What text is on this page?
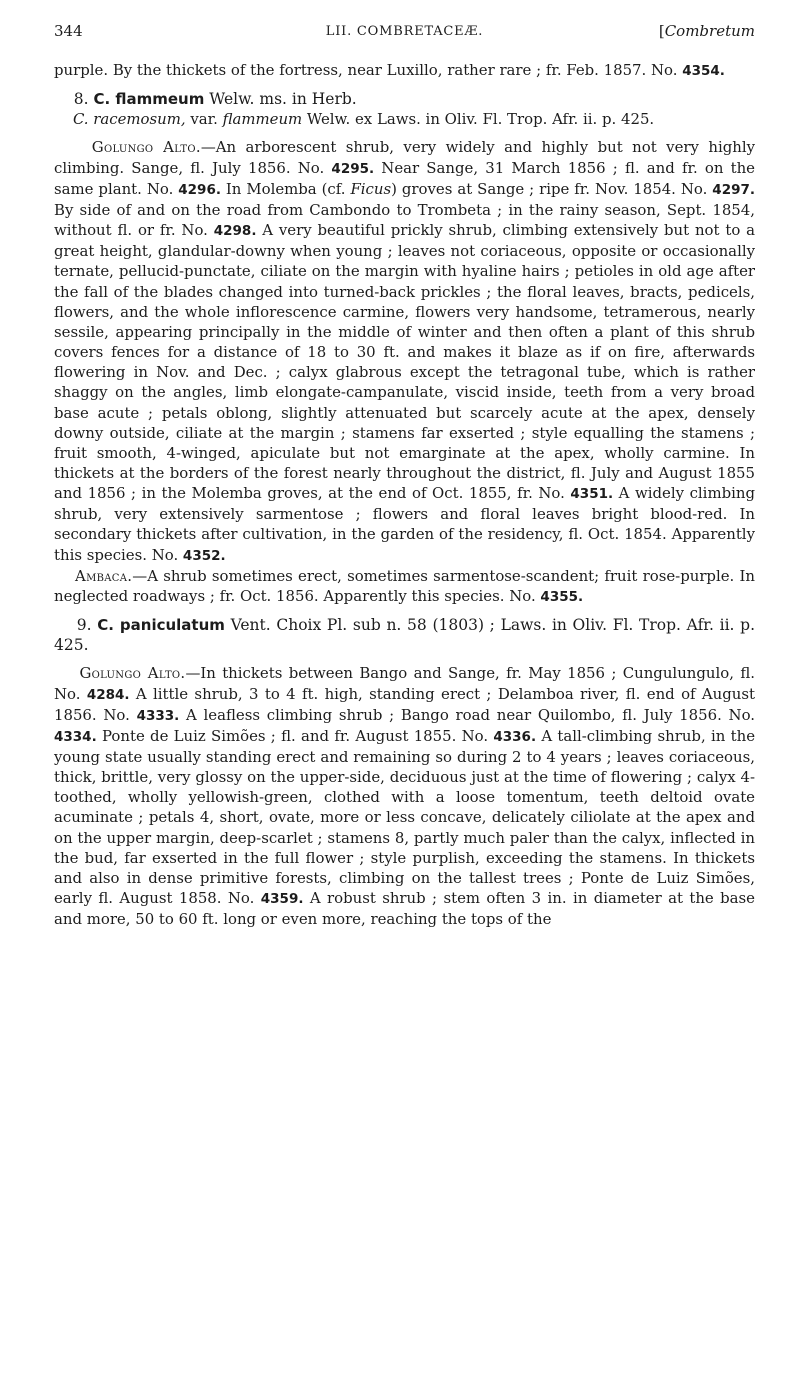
344	LII. COMBRETACEÆ.	[Combretum

purple. By the thickets of the fortress, near Luxillo, rather rare ; fr. Feb. 1857. No. 4354.

8. C. flammeum Welw. ms. in Herb.

C. racemosum, var. flammeum Welw. ex Laws. in Oliv. Fl. Trop. Afr. ii. p. 425.

Golungo Alto.—An arborescent shrub, very widely and highly but not very highly climbing. Sange, fl. July 1856. No. 4295. Near Sange, 31 March 1856 ; fl. and fr. on the same plant. No. 4296. In Molemba (cf. Ficus) groves at Sange ; ripe fr. Nov. 1854. No. 4297. By side of and on the road from Cambondo to Trombeta ; in the rainy season, Sept. 1854, without fl. or fr. No. 4298. A very beautiful prickly shrub, climbing extensively but not to a great height, glandular-downy when young ; leaves not coriaceous, opposite or occasionally ternate, pellucid-punctate, ciliate on the margin with hyaline hairs ; petioles in old age after the fall of the blades changed into turned-back prickles ; the floral leaves, bracts, pedicels, flowers, and the whole inflorescence carmine, flowers very handsome, tetramerous, nearly sessile, appearing principally in the middle of winter and then often a plant of this shrub covers fences for a distance of 18 to 30 ft. and makes it blaze as if on fire, afterwards flowering in Nov. and Dec. ; calyx glabrous except the tetragonal tube, which is rather shaggy on the angles, limb elongate-campanulate, viscid inside, teeth from a very broad base acute ; petals oblong, slightly attenuated but scarcely acute at the apex, densely downy outside, ciliate at the margin ; stamens far exserted ; style equalling the stamens ; fruit smooth, 4-winged, apiculate but not emarginate at the apex, wholly carmine. In thickets at the borders of the forest nearly throughout the district, fl. July and August 1855 and 1856 ; in the Molemba groves, at the end of Oct. 1855, fr. No. 4351. A widely climbing shrub, very extensively sarmentose ; flowers and floral leaves bright blood-red. In secondary thickets after cultivation, in the garden of the residency, fl. Oct. 1854. Apparently this species. No. 4352.

Ambaca.—A shrub sometimes erect, sometimes sarmentose-scandent; fruit rose-purple. In neglected roadways ; fr. Oct. 1856. Apparently this species. No. 4355.

9. C. paniculatum Vent. Choix Pl. sub n. 58 (1803) ; Laws. in Oliv. Fl. Trop. Afr. ii. p. 425.

Golungo Alto.—In thickets between Bango and Sange, fr. May 1856 ; Cungulungulo, fl. No. 4284. A little shrub, 3 to 4 ft. high, standing erect ; Delamboa river, fl. end of August 1856. No. 4333. A leafless climbing shrub ; Bango road near Quilombo, fl. July 1856. No. 4334. Ponte de Luiz Simões ; fl. and fr. August 1855. No. 4336. A tall-climbing shrub, in the young state usually standing erect and remaining so during 2 to 4 years ; leaves coriaceous, thick, brittle, very glossy on the upper-side, deciduous just at the time of flowering ; calyx 4-toothed, wholly yellowish-green, clothed with a loose tomentum, teeth deltoid ovate acuminate ; petals 4, short, ovate, more or less concave, delicately ciliolate at the apex and on the upper margin, deep-scarlet ; stamens 8, partly much paler than the calyx, inflected in the bud, far exserted in the full flower ; style purplish, exceeding the stamens. In thickets and also in dense primitive forests, climbing on the tallest trees ; Ponte de Luiz Simões, early fl. August 1858. No. 4359. A robust shrub ; stem often 3 in. in diameter at the base and more, 50 to 60 ft. long or even more, reaching the tops of the
